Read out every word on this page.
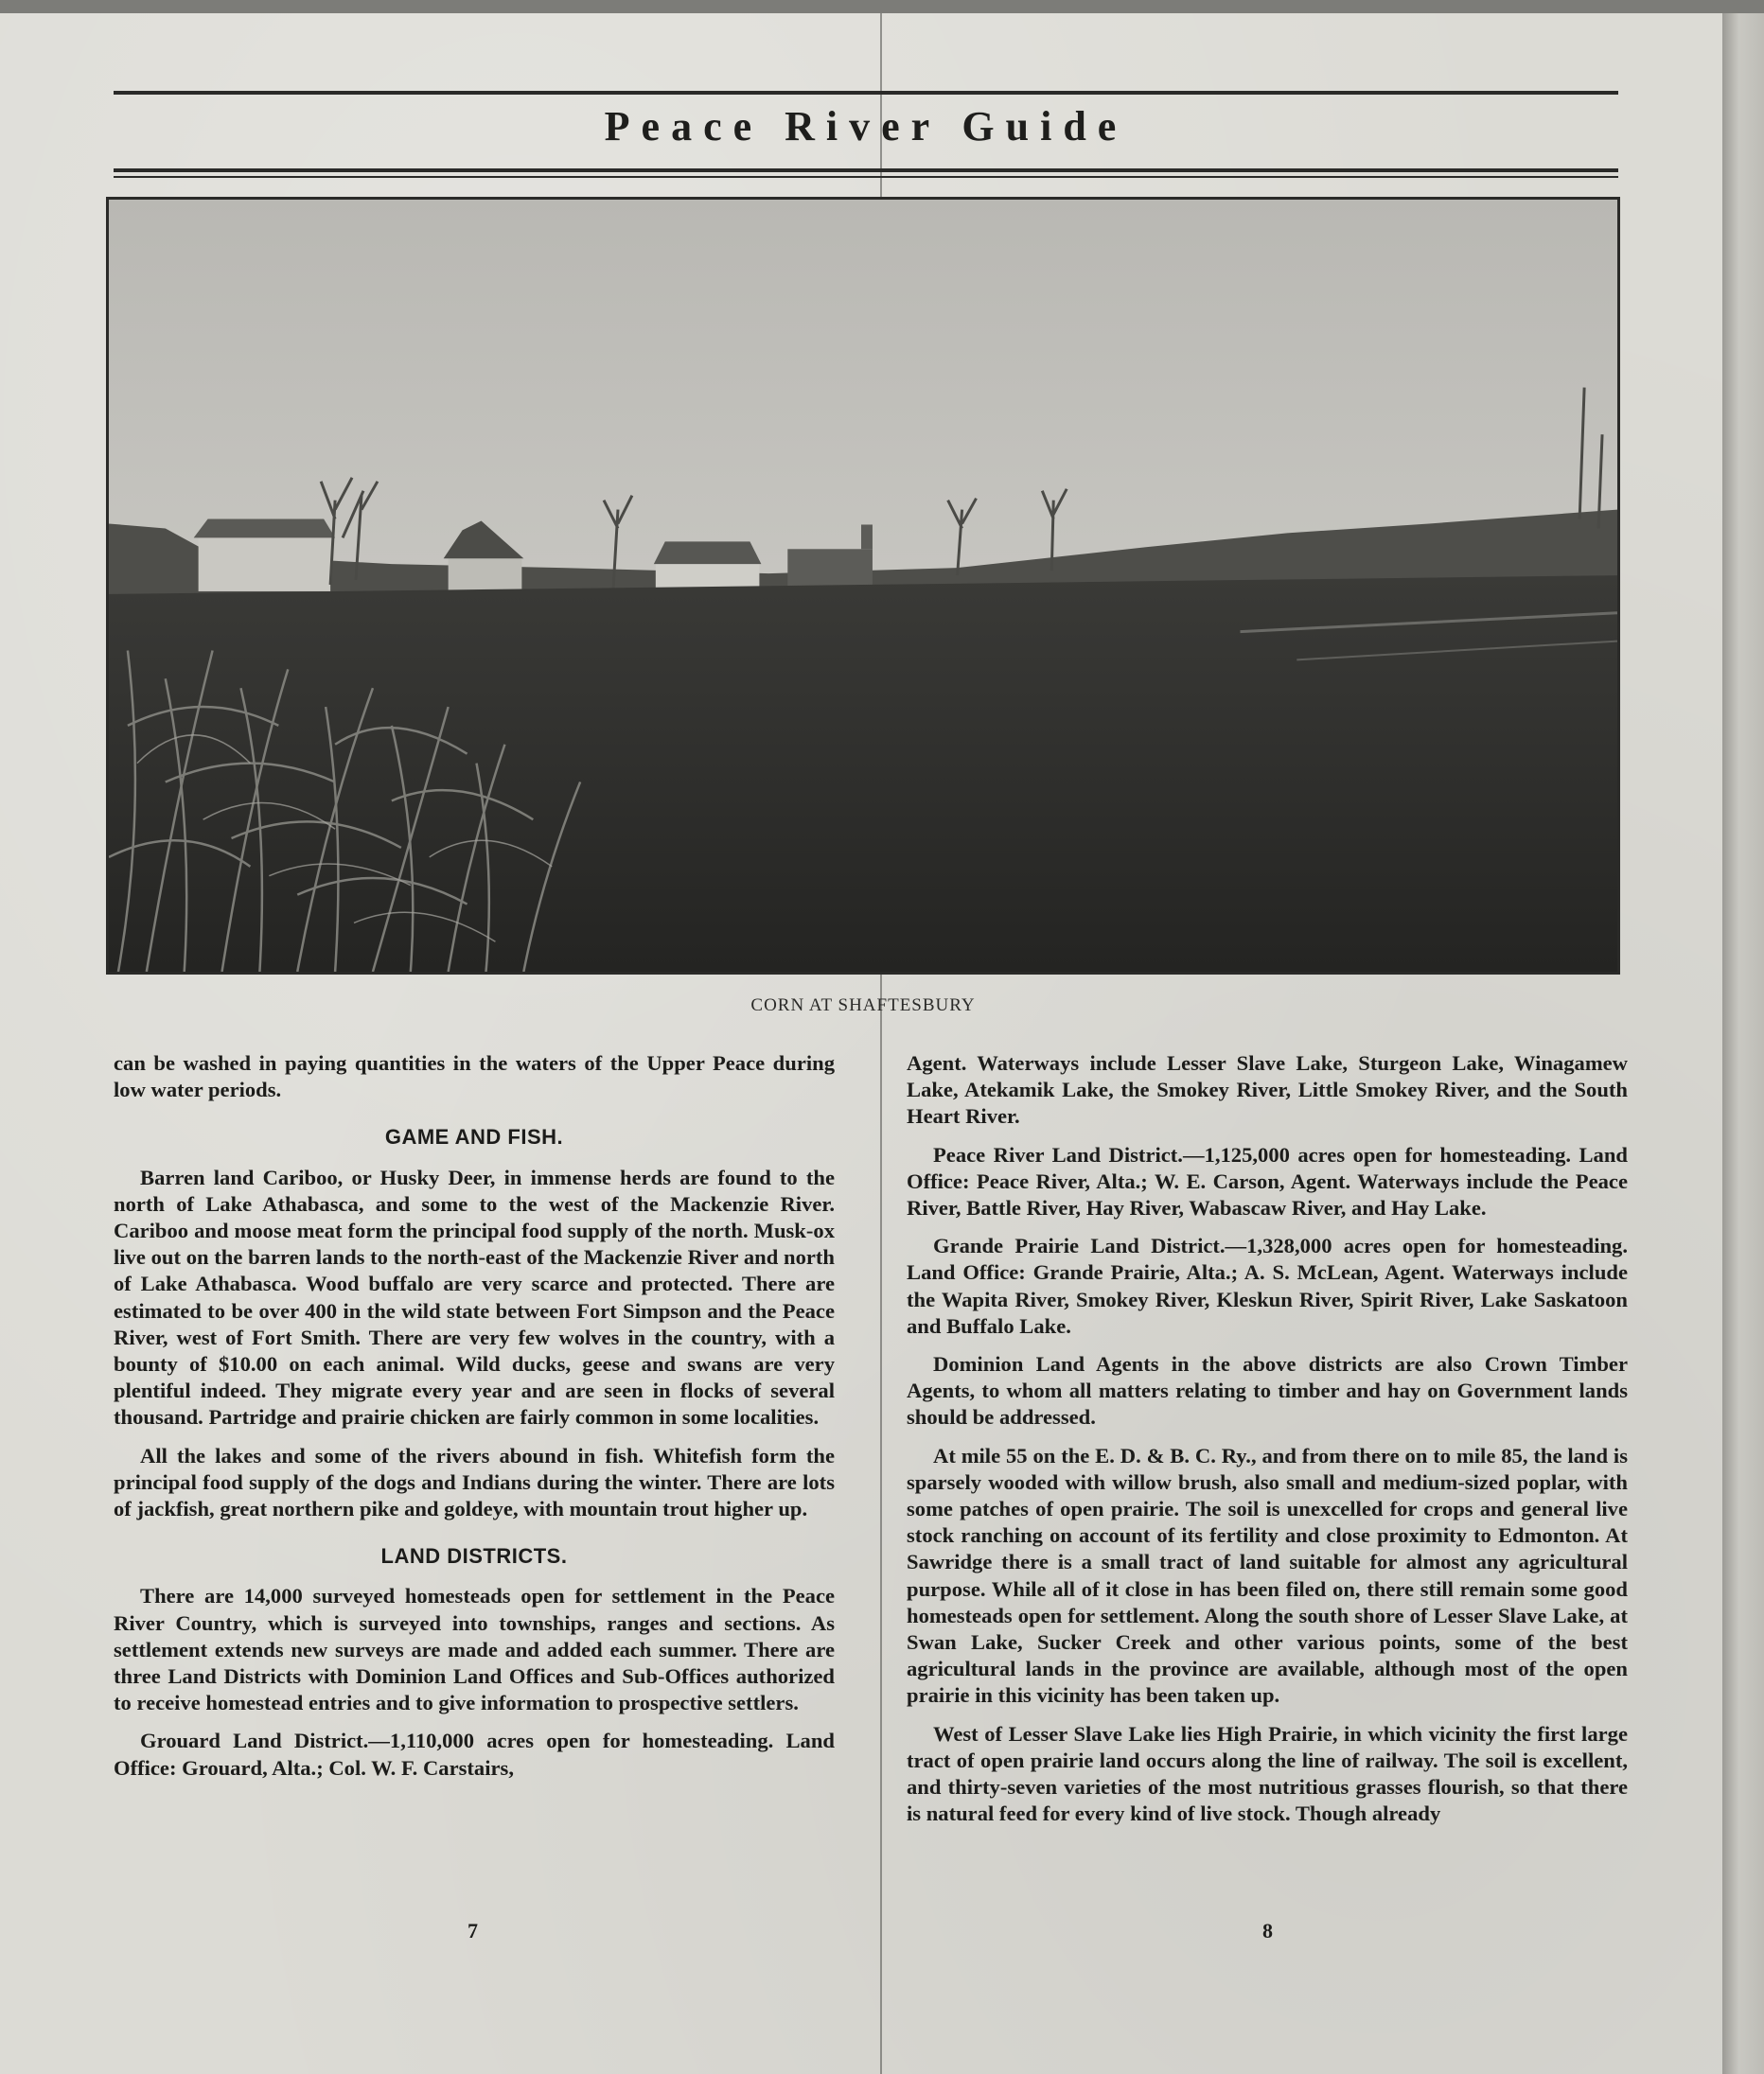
Peace River Guide
CORN AT SHAFTESBURY

can be washed in paying quantities in the waters of the Upper Peace during low water periods.

GAME AND FISH.

Barren land Cariboo, or Husky Deer, in immense herds are found to the north of Lake Athabasca, and some to the west of the Mackenzie River. Cariboo and moose meat form the principal food supply of the north. Musk-ox live out on the barren lands to the north-east of the Mackenzie River and north of Lake Athabasca. Wood buffalo are very scarce and protected. There are estimated to be over 400 in the wild state between Fort Simpson and the Peace River, west of Fort Smith. There are very few wolves in the country, with a bounty of $10.00 on each animal. Wild ducks, geese and swans are very plentiful indeed. They migrate every year and are seen in flocks of several thousand. Partridge and prairie chicken are fairly common in some localities.

All the lakes and some of the rivers abound in fish. Whitefish form the principal food supply of the dogs and Indians during the winter. There are lots of jackfish, great northern pike and goldeye, with mountain trout higher up.

LAND DISTRICTS.

There are 14,000 surveyed homesteads open for settlement in the Peace River Country, which is surveyed into townships, ranges and sections. As settlement extends new surveys are made and added each summer. There are three Land Districts with Dominion Land Offices and Sub-Offices authorized to receive homestead entries and to give information to prospective settlers.

Grouard Land District.—1,110,000 acres open for homesteading. Land Office: Grouard, Alta.; Col. W. F. Carstairs,

Agent. Waterways include Lesser Slave Lake, Sturgeon Lake, Winagamew Lake, Atekamik Lake, the Smokey River, Little Smokey River, and the South Heart River.

Peace River Land District.—1,125,000 acres open for homesteading. Land Office: Peace River, Alta.; W. E. Carson, Agent. Waterways include the Peace River, Battle River, Hay River, Wabascaw River, and Hay Lake.

Grande Prairie Land District.—1,328,000 acres open for homesteading. Land Office: Grande Prairie, Alta.; A. S. McLean, Agent. Waterways include the Wapita River, Smokey River, Kleskun River, Spirit River, Lake Saskatoon and Buffalo Lake.

Dominion Land Agents in the above districts are also Crown Timber Agents, to whom all matters relating to timber and hay on Government lands should be addressed.

At mile 55 on the E. D. & B. C. Ry., and from there on to mile 85, the land is sparsely wooded with willow brush, also small and medium-sized poplar, with some patches of open prairie. The soil is unexcelled for crops and general live stock ranching on account of its fertility and close proximity to Edmonton. At Sawridge there is a small tract of land suitable for almost any agricultural purpose. While all of it close in has been filed on, there still remain some good homesteads open for settlement. Along the south shore of Lesser Slave Lake, at Swan Lake, Sucker Creek and other various points, some of the best agricultural lands in the province are available, although most of the open prairie in this vicinity has been taken up.

West of Lesser Slave Lake lies High Prairie, in which vicinity the first large tract of open prairie land occurs along the line of railway. The soil is excellent, and thirty-seven varieties of the most nutritious grasses flourish, so that there is natural feed for every kind of live stock. Though already

7	8
